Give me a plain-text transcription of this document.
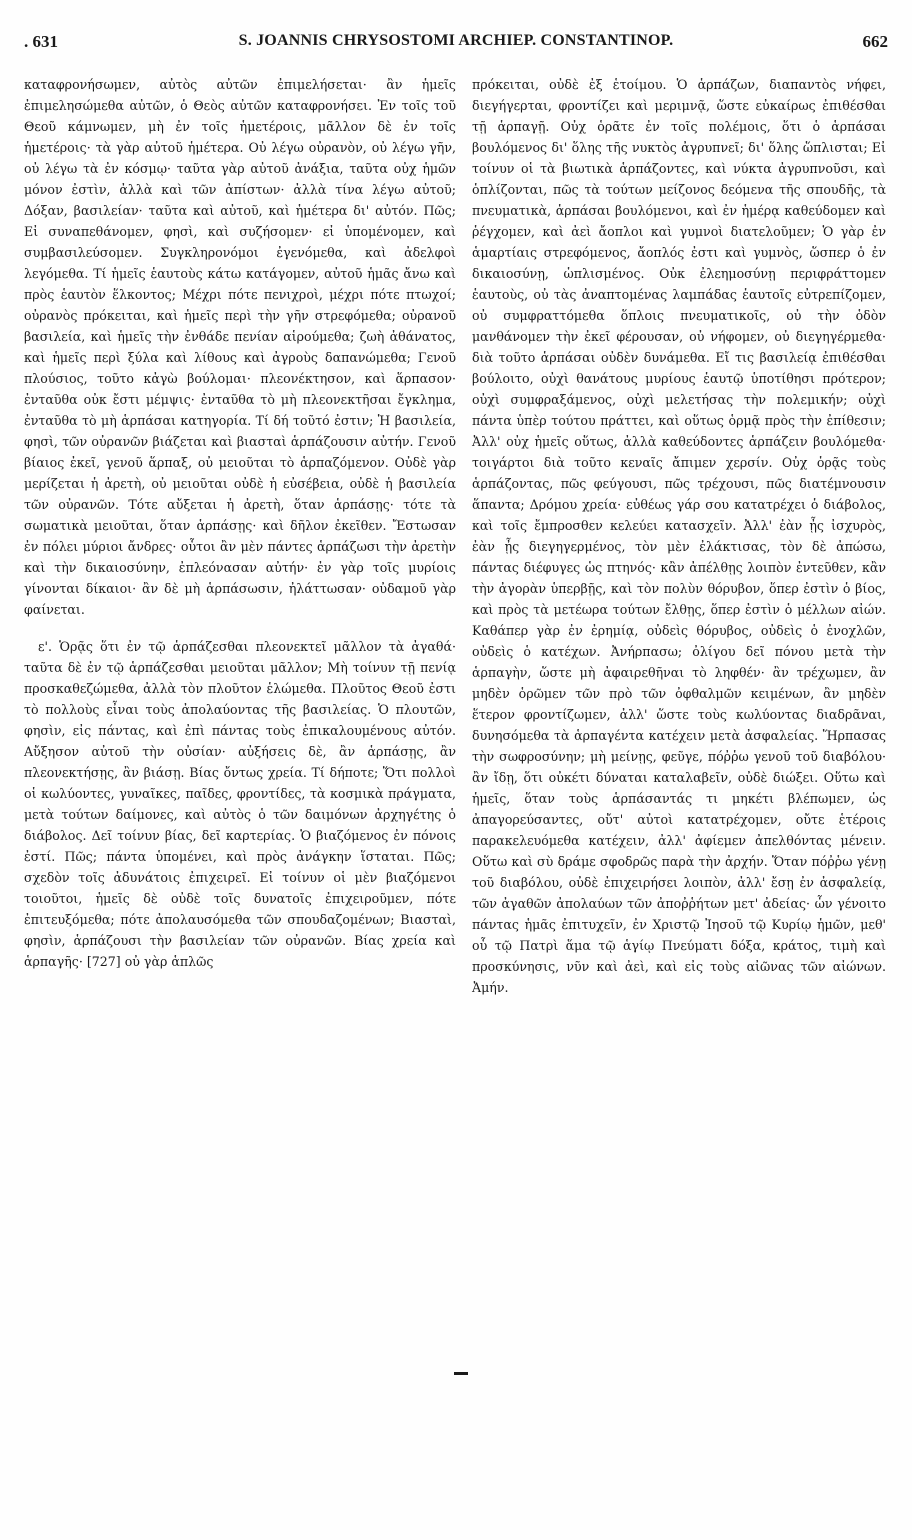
. 631	S. JOANNIS CHRYSOSTOMI ARCHIEP. CONSTANTINOP.	662

καταφρονήσωμεν, αὐτὸς αὐτῶν ἐπιμελήσεται· ἂν ἡμεῖς ἐπιμελησώμεθα αὐτῶν, ὁ Θεὸς αὐτῶν καταφρονήσει. Ἐν τοῖς τοῦ Θεοῦ κάμνωμεν, μὴ ἐν τοῖς ἡμετέροις, μᾶλλον δὲ ἐν τοῖς ἡμετέροις· τὰ γὰρ αὐτοῦ ἡμέτερα. Οὐ λέγω οὐρανὸν, οὐ λέγω γῆν, οὐ λέγω τὰ ἐν κόσμῳ· ταῦτα γὰρ αὐτοῦ ἀνάξια, ταῦτα οὐχ ἡμῶν μόνον ἐστὶν, ἀλλὰ καὶ τῶν ἀπίστων· ἀλλὰ τίνα λέγω αὐτοῦ; Δόξαν, βασιλείαν· ταῦτα καὶ αὐτοῦ, καὶ ἡμέτερα δι' αὐτόν. Πῶς; Εἰ συναπεθάνομεν, φησὶ, καὶ συζήσομεν· εἰ ὑπομένομεν, καὶ συμβασιλεύσομεν. Συγκληρονόμοι ἐγενόμεθα, καὶ ἀδελφοὶ λεγόμεθα. Τί ἡμεῖς ἑαυτοὺς κάτω κατάγομεν, αὐτοῦ ἡμᾶς ἄνω καὶ πρὸς ἑαυτὸν ἕλκοντος; Μέχρι πότε πενιχροὶ, μέχρι πότε πτωχοί; οὐρανὸς πρόκειται, καὶ ἡμεῖς περὶ τὴν γῆν στρεφόμεθα; οὐρανοῦ βασιλεία, καὶ ἡμεῖς τὴν ἐνθάδε πενίαν αἱρούμεθα; ζωὴ ἀθάνατος, καὶ ἡμεῖς περὶ ξύλα καὶ λίθους καὶ ἀγροὺς δαπανώμεθα; Γενοῦ πλούσιος, τοῦτο κἀγὼ βούλομαι· πλεονέκτησον, καὶ ἅρπασον· ἐνταῦθα οὐκ ἔστι μέμψις· ἐνταῦθα τὸ μὴ πλεονεκτῆσαι ἔγκλημα, ἐνταῦθα τὸ μὴ ἁρπάσαι κατηγορία. Τί δή τοῦτό ἐστιν; Ἡ βασιλεία, φησὶ, τῶν οὐρανῶν βιάζεται καὶ βιασταὶ ἁρπάζουσιν αὐτήν. Γενοῦ βίαιος ἐκεῖ, γενοῦ ἅρπαξ, οὐ μειοῦται τὸ ἁρπαζόμενον. Οὐδὲ γὰρ μερίζεται ἡ ἀρετὴ, οὐ μειοῦται οὐδὲ ἡ εὐσέβεια, οὐδὲ ἡ βασιλεία τῶν οὐρανῶν. Τότε αὔξεται ἡ ἀρετὴ, ὅταν ἁρπάσῃς· τότε τὰ σωματικὰ μειοῦται, ὅταν ἁρπάσῃς· καὶ δῆλον ἐκεῖθεν. Ἔστωσαν ἐν πόλει μύριοι ἄνδρες· οὗτοι ἂν μὲν πάντες ἁρπάζωσι τὴν ἀρετὴν καὶ τὴν δικαιοσύνην, ἐπλεόνασαν αὐτήν· ἐν γὰρ τοῖς μυρίοις γίνονται δίκαιοι· ἂν δὲ μὴ ἁρπάσωσιν, ἠλάττωσαν· οὐδαμοῦ γὰρ φαίνεται.

ε'. Ὁρᾷς ὅτι ἐν τῷ ἁρπάζεσθαι πλεονεκτεῖ μᾶλλον τὰ ἀγαθά· ταῦτα δὲ ἐν τῷ ἁρπάζεσθαι μειοῦται μᾶλλον; Μὴ τοίνυν τῇ πενίᾳ προσκαθεζώμεθα, ἀλλὰ τὸν πλοῦτον ἑλώμεθα. Πλοῦτος Θεοῦ ἐστι τὸ πολλοὺς εἶναι τοὺς ἀπολαύοντας τῆς βασιλείας. Ὁ πλουτῶν, φησὶν, εἰς πάντας, καὶ ἐπὶ πάντας τοὺς ἐπικαλουμένους αὐτόν. Αὔξησον αὐτοῦ τὴν οὐσίαν· αὐξήσεις δὲ, ἂν ἁρπάσῃς, ἂν πλεονεκτήσῃς, ἂν βιάσῃ. Βίας ὄντως χρεία. Τί δήποτε; Ὅτι πολλοὶ οἱ κωλύοντες, γυναῖκες, παῖδες, φροντίδες, τὰ κοσμικὰ πράγματα, μετὰ τούτων δαίμονες, καὶ αὐτὸς ὁ τῶν δαιμόνων ἀρχηγέτης ὁ διάβολος. Δεῖ τοίνυν βίας, δεῖ καρτερίας. Ὁ βιαζόμενος ἐν πόνοις ἐστί. Πῶς; πάντα ὑπομένει, καὶ πρὸς ἀνάγκην ἵσταται. Πῶς; σχεδὸν τοῖς ἀδυνάτοις ἐπιχειρεῖ. Εἰ τοίνυν οἱ μὲν βιαζόμενοι τοιοῦτοι, ἡμεῖς δὲ οὐδὲ τοῖς δυνατοῖς ἐπιχειροῦμεν, πότε ἐπιτευξόμεθα; πότε ἀπολαυσόμεθα τῶν σπουδαζομένων; Βιασταὶ, φησὶν, ἁρπάζουσι τὴν βασιλείαν τῶν οὐρανῶν. Βίας χρεία καὶ ἁρπαγῆς· [727] οὐ γὰρ ἁπλῶς

πρόκειται, οὐδὲ ἐξ ἑτοίμου. Ὁ ἁρπάζων, διαπαντὸς νήφει, διεγήγερται, φροντίζει καὶ μεριμνᾷ, ὥστε εὐκαίρως ἐπιθέσθαι τῇ ἁρπαγῇ. Οὐχ ὁρᾶτε ἐν τοῖς πολέμοις, ὅτι ὁ ἁρπάσαι βουλόμενος δι' ὅλης τῆς νυκτὸς ἀγρυπνεῖ; δι' ὅλης ὥπλισται; Εἰ τοίνυν οἱ τὰ βιωτικὰ ἁρπάζοντες, καὶ νύκτα ἀγρυπνοῦσι, καὶ ὁπλίζονται, πῶς τὰ τούτων μείζονος δεόμενα τῆς σπουδῆς, τὰ πνευματικὰ, ἁρπάσαι βουλόμενοι, καὶ ἐν ἡμέρᾳ καθεύδομεν καὶ ῥέγχομεν, καὶ ἀεὶ ἄοπλοι καὶ γυμνοὶ διατελοῦμεν; Ὁ γὰρ ἐν ἁμαρτίαις στρεφόμενος, ἄοπλός ἐστι καὶ γυμνὸς, ὥσπερ ὁ ἐν δικαιοσύνῃ, ὡπλισμένος. Οὐκ ἐλεημοσύνῃ περιφράττομεν ἑαυτοὺς, οὐ τὰς ἀναπτομένας λαμπάδας ἑαυτοῖς εὐτρεπίζομεν, οὐ συμφραττόμεθα ὅπλοις πνευματικοῖς, οὐ τὴν ὁδὸν μανθάνομεν τὴν ἐκεῖ φέρουσαν, οὐ νήφομεν, οὐ διεγηγέρμεθα· διὰ τοῦτο ἁρπάσαι οὐδὲν δυνάμεθα. Εἴ τις βασιλείᾳ ἐπιθέσθαι βούλοιτο, οὐχὶ θανάτους μυρίους ἑαυτῷ ὑποτίθησι πρότερον; οὐχὶ συμφραξάμενος, οὐχὶ μελετήσας τὴν πολεμικήν; οὐχὶ πάντα ὑπὲρ τούτου πράττει, καὶ οὕτως ὁρμᾷ πρὸς τὴν ἐπίθεσιν; Ἀλλ' οὐχ ἡμεῖς οὕτως, ἀλλὰ καθεύδοντες ἁρπάζειν βουλόμεθα· τοιγάρτοι διὰ τοῦτο κεναῖς ἄπιμεν χερσίν. Οὐχ ὁρᾷς τοὺς ἁρπάζοντας, πῶς φεύγουσι, πῶς τρέχουσι, πῶς διατέμνουσιν ἅπαντα; Δρόμου χρεία· εὐθέως γάρ σου κατατρέχει ὁ διάβολος, καὶ τοῖς ἔμπροσθεν κελεύει κατασχεῖν. Ἀλλ' ἐὰν ᾖς ἰσχυρὸς, ἐὰν ᾖς διεγηγερμένος, τὸν μὲν ἐλάκτισας, τὸν δὲ ἀπώσω, πάντας διέφυγες ὡς πτηνός· κἂν ἀπέλθῃς λοιπὸν ἐντεῦθεν, κἂν τὴν ἀγορὰν ὑπερβῇς, καὶ τὸν πολὺν θόρυβον, ὅπερ ἐστὶν ὁ βίος, καὶ πρὸς τὰ μετέωρα τούτων ἔλθῃς, ὅπερ ἐστὶν ὁ μέλλων αἰών. Καθάπερ γὰρ ἐν ἐρημίᾳ, οὐδεὶς θόρυβος, οὐδεὶς ὁ ἐνοχλῶν, οὐδεὶς ὁ κατέχων. Ἀνήρπασω; ὀλίγου δεῖ πόνου μετὰ τὴν ἁρπαγὴν, ὥστε μὴ ἀφαιρεθῆναι τὸ ληφθέν· ἂν τρέχωμεν, ἂν μηδὲν ὁρῶμεν τῶν πρὸ τῶν ὀφθαλμῶν κειμένων, ἂν μηδὲν ἕτερον φροντίζωμεν, ἀλλ' ὥστε τοὺς κωλύοντας διαδρᾶναι, δυνησόμεθα τὰ ἁρπαγέντα κατέχειν μετὰ ἀσφαλείας. Ἥρπασας τὴν σωφροσύνην; μὴ μείνῃς, φεῦγε, πόῤῥω γενοῦ τοῦ διαβόλου· ἂν ἴδῃ, ὅτι οὐκέτι δύναται καταλαβεῖν, οὐδὲ διώξει. Οὕτω καὶ ἡμεῖς, ὅταν τοὺς ἁρπάσαντάς τι μηκέτι βλέπωμεν, ὡς ἀπαγορεύσαντες, οὔτ' αὐτοὶ κατατρέχομεν, οὔτε ἑτέροις παρακελευόμεθα κατέχειν, ἀλλ' ἀφίεμεν ἀπελθόντας μένειν. Οὕτω καὶ σὺ δράμε σφοδρῶς παρὰ τὴν ἀρχήν. Ὅταν πόῤῥω γένῃ τοῦ διαβόλου, οὐδὲ ἐπιχειρήσει λοιπὸν, ἀλλ' ἔσῃ ἐν ἀσφαλείᾳ, τῶν ἀγαθῶν ἀπολαύων τῶν ἀποῤῥήτων μετ' ἀδείας· ὧν γένοιτο πάντας ἡμᾶς ἐπιτυχεῖν, ἐν Χριστῷ Ἰησοῦ τῷ Κυρίῳ ἡμῶν, μεθ' οὗ τῷ Πατρὶ ἅμα τῷ ἁγίῳ Πνεύματι δόξα, κράτος, τιμὴ καὶ προσκύνησις, νῦν καὶ ἀεὶ, καὶ εἰς τοὺς αἰῶνας τῶν αἰώνων. Ἀμήν.
